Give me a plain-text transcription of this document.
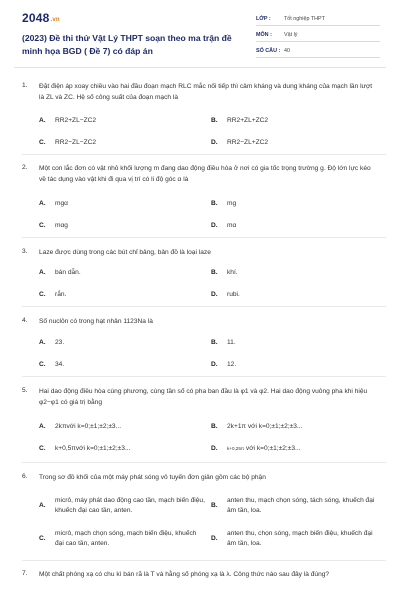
2048.vn
(2023) Đề thi thử Vật Lý THPT soạn theo ma trận đề minh họa BGD ( Đề 7) có đáp án
LỚP : Tốt nghiệp THPT
MÔN : Vật lý
SỐ CÂU : 40
1. Đặt điện áp xoay chiều vào hai đầu đoạn mạch RLC mắc nối tiếp thì cảm kháng và dung kháng của mạch lần lượt là ZL và ZC. Hệ số công suất của đoạn mạch là
A. RR2+ZL−ZC2	B. RR2+ZL+ZC2
C. RR2−ZL−ZC2	D. RR2−ZL+ZC2
2. Một con lắc đơn có vật nhỏ khối lượng m đang dao động điều hòa ở nơi có gia tốc trọng trường g. Độ lớn lực kéo về tác dụng vào vật khi đi qua vị trí có li độ góc α là
A. mgα	B. mg
C. mαg	D. mα
3. Laze được dùng trong các bút chỉ bảng, bản đồ là loại laze
A. bán dẫn.	B. khí.
C. rắn.	D. rubi.
4. Số nuclôn có trong hạt nhân 1123Na là
A. 23.	B. 11.
C. 34.	D. 12.
5. Hai dao động điều hòa cùng phương, cùng tần số có pha ban đầu là φ1 và φ2. Hai dao động vuông pha khi hiệu φ2−φ1 có giá trị bằng
A. 2kπvới k=0;±1;±2;±3...	B. 2k+1π với k=0;±1;±2;±3...
C. k+0,5πvới k=0;±1;±2;±3...	D. k+0,25π với k=0;±1;±2;±3...
6. Trong sơ đồ khối của một máy phát sóng vô tuyến đơn giản gồm các bộ phận
A.
micrô, máy phát dao động cao tần, mạch biến điệu, khuếch đại cao tần, anten.
B.
anten thu, mạch chọn sóng, tách sóng, khuếch đại âm tần, loa.
C.
micrô, mạch chọn sóng, mạch biến điệu, khuếch đại cao tần, anten.
D.
anten thu, chọn sóng, mạch biến điệu, khuếch đại âm tần, loa.
7. Một chất phóng xạ có chu kì bán rã là T và hằng số phóng xạ là λ. Công thức nào sau đây là đúng?
